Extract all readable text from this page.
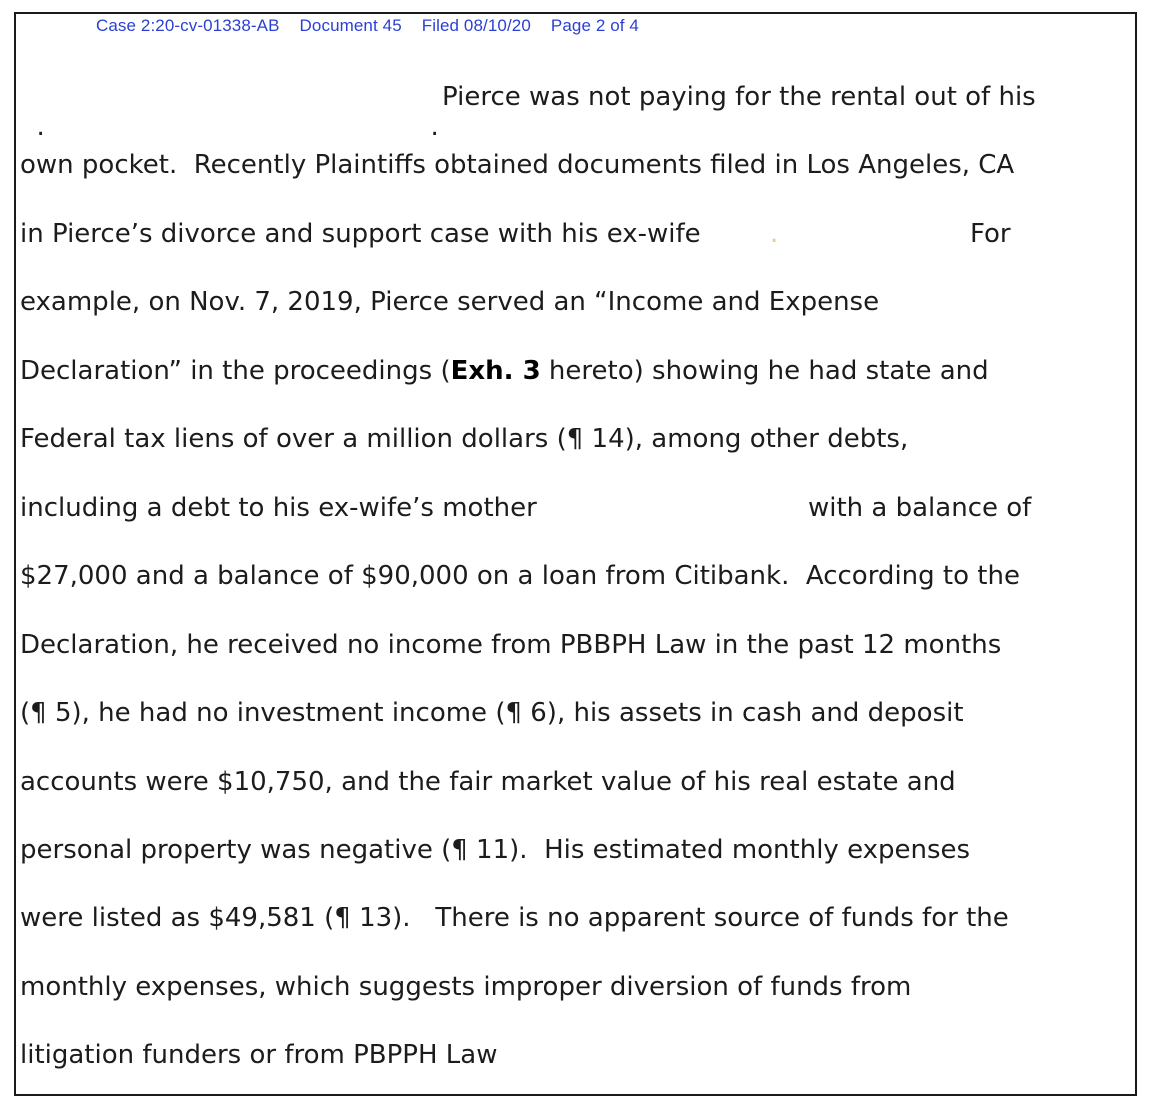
Case 2:20-cv-01338-AB Document 45 Filed 08/10/20 Page 2 of 4

.	.

Pierce was not paying for the rental out of his
own pocket.  Recently Plaintiffs obtained documents filed in Los Angeles, CA
in Pierce’s divorce and support case with his ex-wife	.	For
example, on Nov. 7, 2019, Pierce served an “Income and Expense
Declaration” in the proceedings (Exh. 3 hereto) showing he had state and
Federal tax liens of over a million dollars (¶ 14), among other debts,
including a debt to his ex-wife’s mother	with a balance of
$27,000 and a balance of $90,000 on a loan from Citibank.  According to the
Declaration, he received no income from PBBPH Law in the past 12 months
(¶ 5), he had no investment income (¶ 6), his assets in cash and deposit
accounts were $10,750, and the fair market value of his real estate and
personal property was negative (¶ 11).  His estimated monthly expenses
were listed as $49,581 (¶ 13).   There is no apparent source of funds for the
monthly expenses, which suggests improper diversion of funds from
litigation funders or from PBPPH Law
